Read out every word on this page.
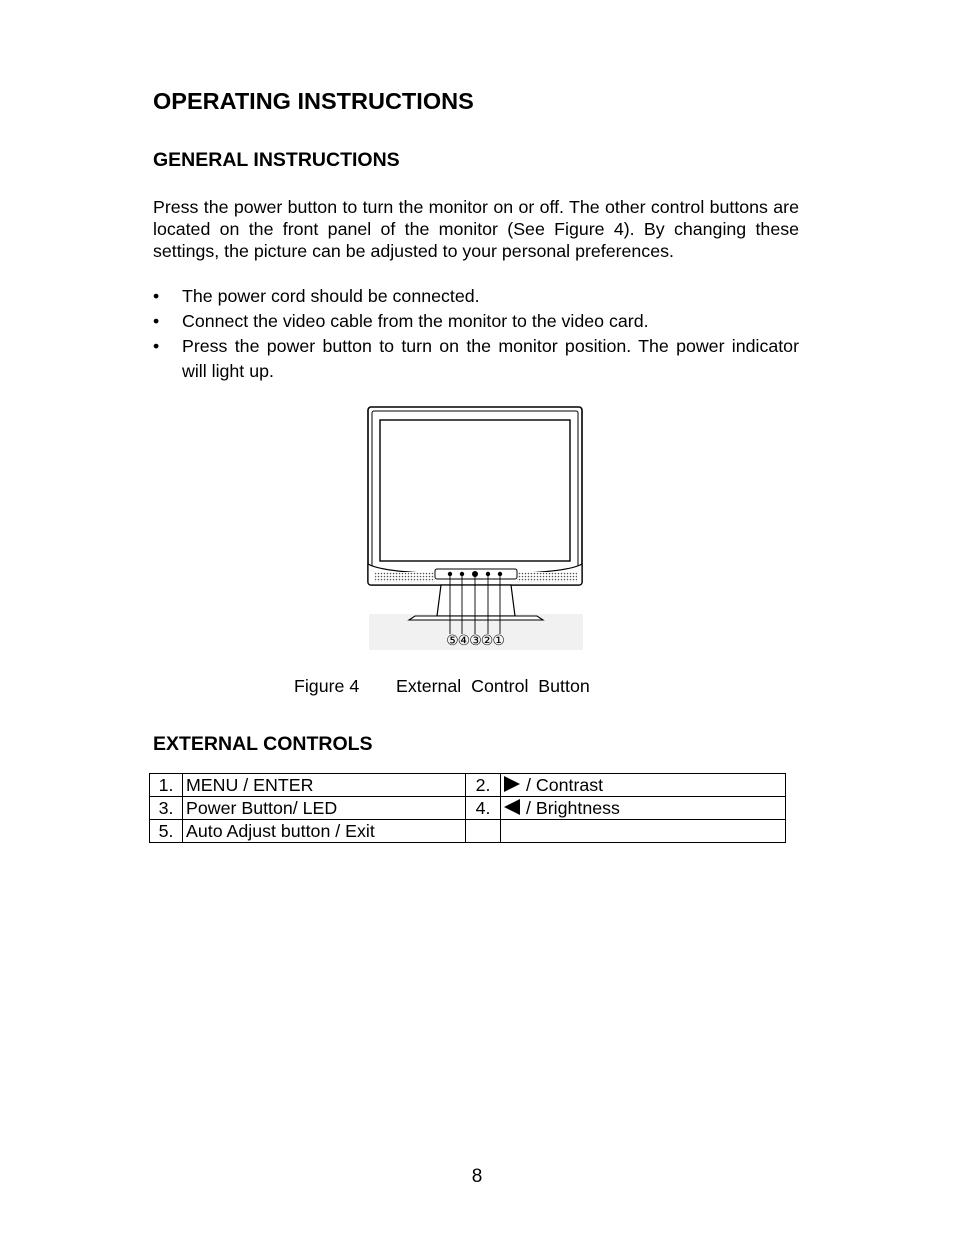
OPERATING INSTRUCTIONS
GENERAL INSTRUCTIONS

Press the power button to turn the monitor on or off. The other control buttons are located on the front panel of the monitor (See Figure 4). By changing these settings, the picture can be adjusted to your personal preferences.

• The power cord should be connected.
• Connect the video cable from the monitor to the video card.
• Press the power button to turn on the monitor position. The power indicator will light up.
⑤④③②①
Figure 4 External  Control  Button
EXTERNAL CONTROLS
1.	MENU / ENTER	2.	/ Contrast
3.	Power Button/ LED	4.	/ Brightness
5.	Auto Adjust button / Exit		
8
